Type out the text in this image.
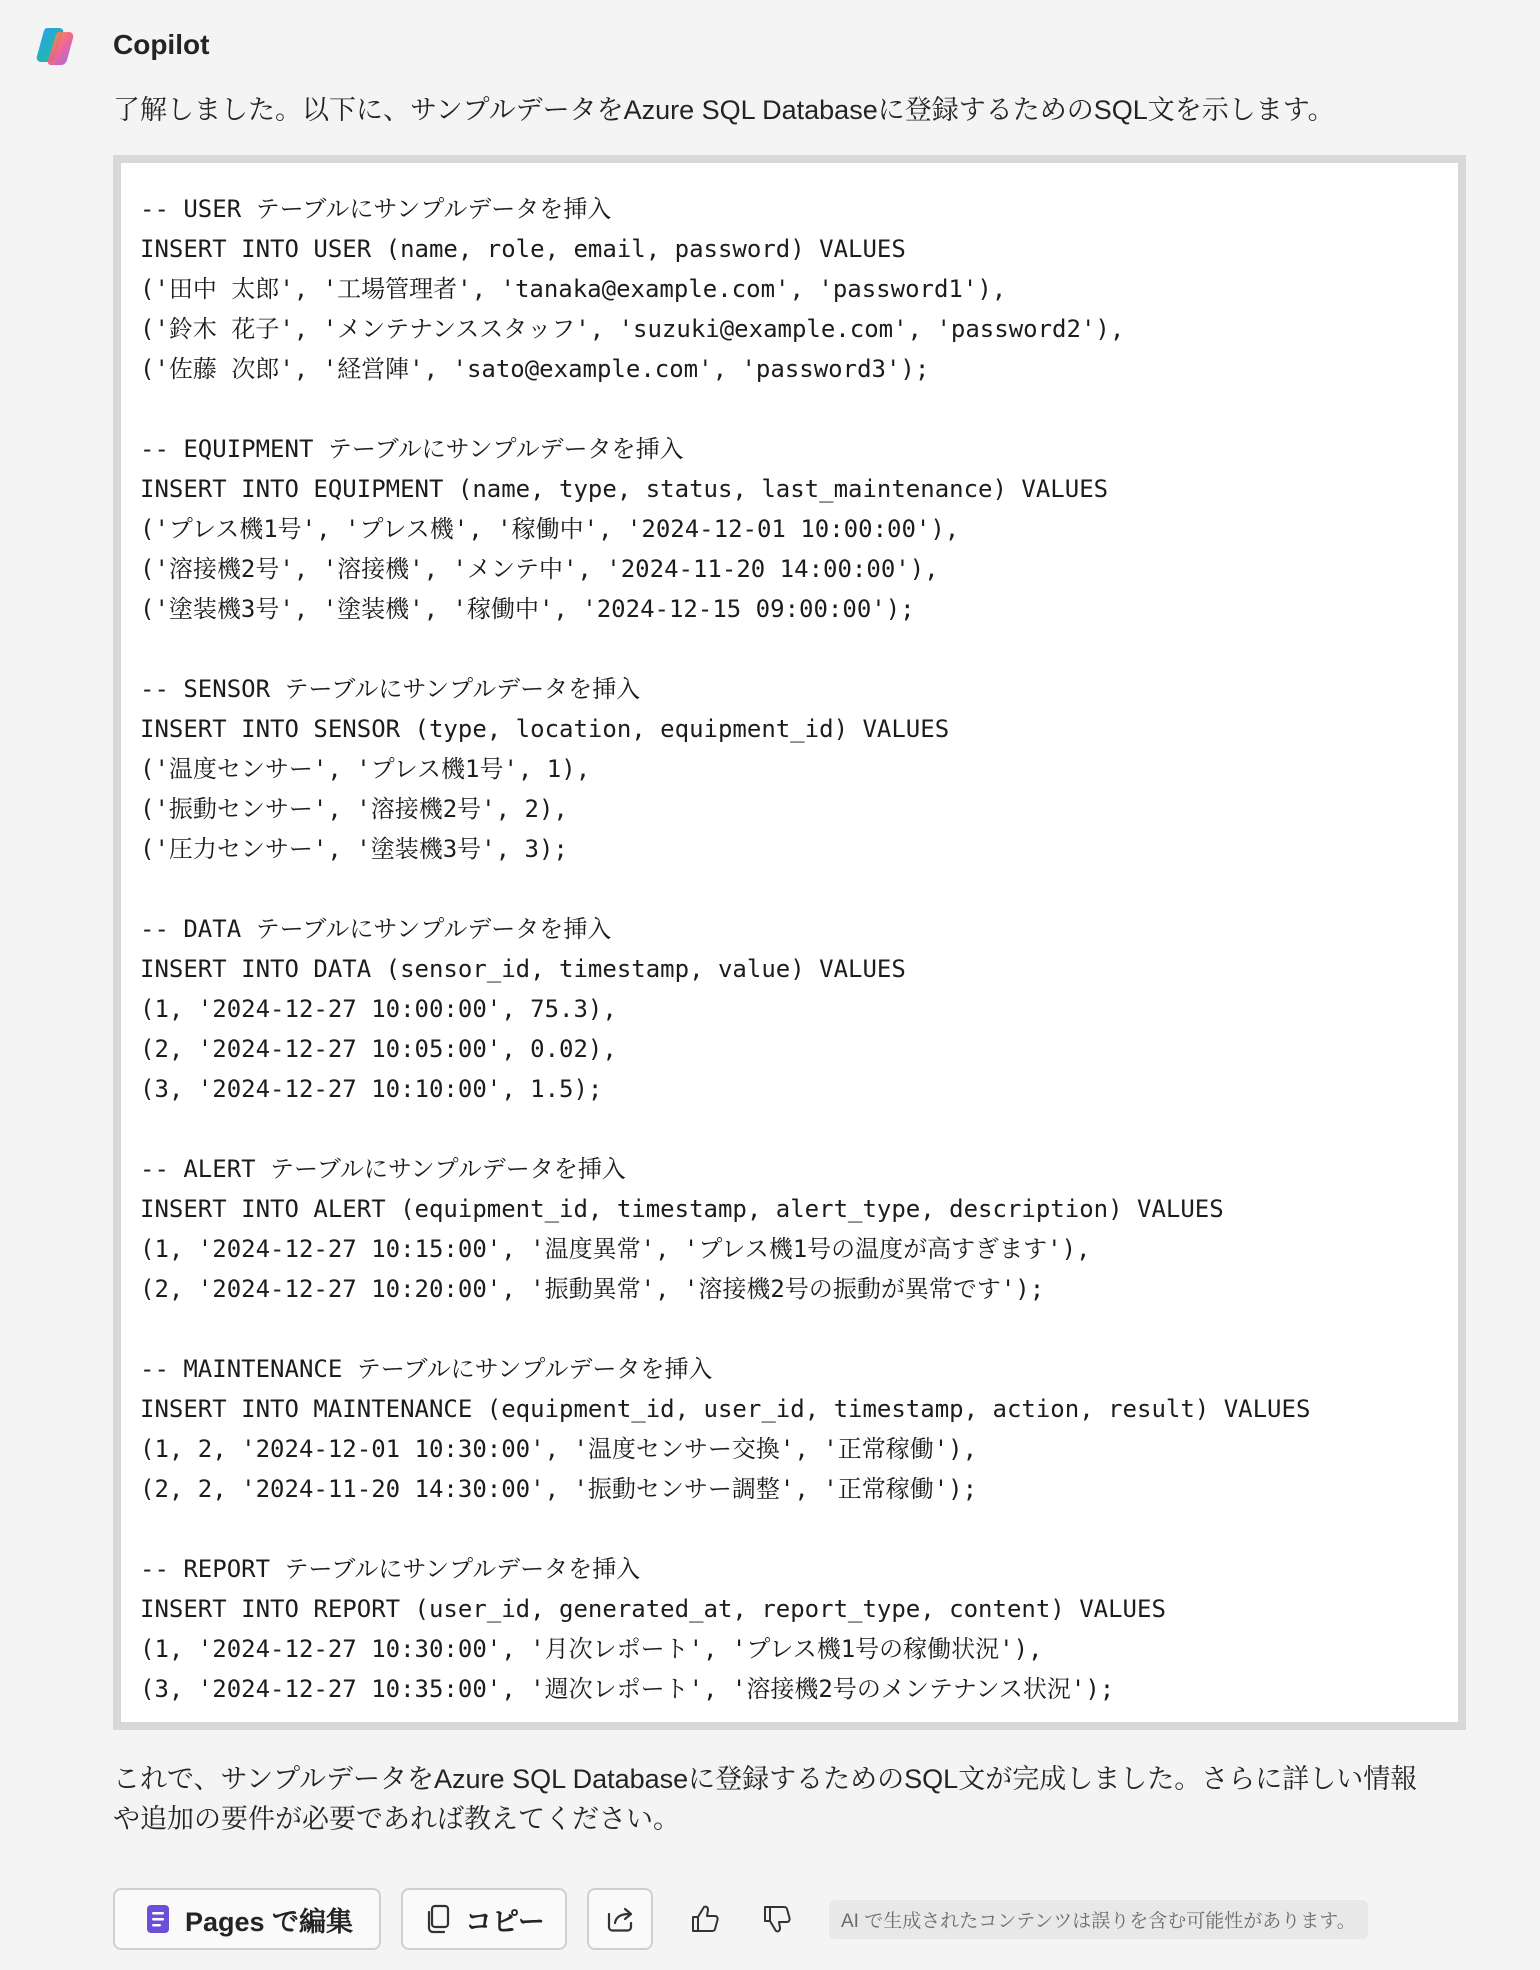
Copilot
了解しました。以下に、サンプルデータをAzure SQL Databaseに登録するためのSQL文を示します。
-- USER テーブルにサンプルデータを挿入
INSERT INTO USER (name, role, email, password) VALUES
('田中 太郎', '工場管理者', 'tanaka@example.com', 'password1'),
('鈴木 花子', 'メンテナンススタッフ', 'suzuki@example.com', 'password2'),
('佐藤 次郎', '経営陣', 'sato@example.com', 'password3');
-- EQUIPMENT テーブルにサンプルデータを挿入
INSERT INTO EQUIPMENT (name, type, status, last_maintenance) VALUES
('プレス機1号', 'プレス機', '稼働中', '2024-12-01 10:00:00'),
('溶接機2号', '溶接機', 'メンテ中', '2024-11-20 14:00:00'),
('塗装機3号', '塗装機', '稼働中', '2024-12-15 09:00:00');
-- SENSOR テーブルにサンプルデータを挿入
INSERT INTO SENSOR (type, location, equipment_id) VALUES
('温度センサー', 'プレス機1号', 1),
('振動センサー', '溶接機2号', 2),
('圧力センサー', '塗装機3号', 3);
-- DATA テーブルにサンプルデータを挿入
INSERT INTO DATA (sensor_id, timestamp, value) VALUES
(1, '2024-12-27 10:00:00', 75.3),
(2, '2024-12-27 10:05:00', 0.02),
(3, '2024-12-27 10:10:00', 1.5);
-- ALERT テーブルにサンプルデータを挿入
INSERT INTO ALERT (equipment_id, timestamp, alert_type, description) VALUES
(1, '2024-12-27 10:15:00', '温度異常', 'プレス機1号の温度が高すぎます'),
(2, '2024-12-27 10:20:00', '振動異常', '溶接機2号の振動が異常です');
-- MAINTENANCE テーブルにサンプルデータを挿入
INSERT INTO MAINTENANCE (equipment_id, user_id, timestamp, action, result) VALUES
(1, 2, '2024-12-01 10:30:00', '温度センサー交換', '正常稼働'),
(2, 2, '2024-11-20 14:30:00', '振動センサー調整', '正常稼働');
-- REPORT テーブルにサンプルデータを挿入
INSERT INTO REPORT (user_id, generated_at, report_type, content) VALUES
(1, '2024-12-27 10:30:00', '月次レポート', 'プレス機1号の稼働状況'),
(3, '2024-12-27 10:35:00', '週次レポート', '溶接機2号のメンテナンス状況');
これで、サンプルデータをAzure SQL Databaseに登録するためのSQL文が完成しました。さらに詳しい情報
や追加の要件が必要であれば教えてください。
Pages で編集	コピー	AI で生成されたコンテンツは誤りを含む可能性があります。
